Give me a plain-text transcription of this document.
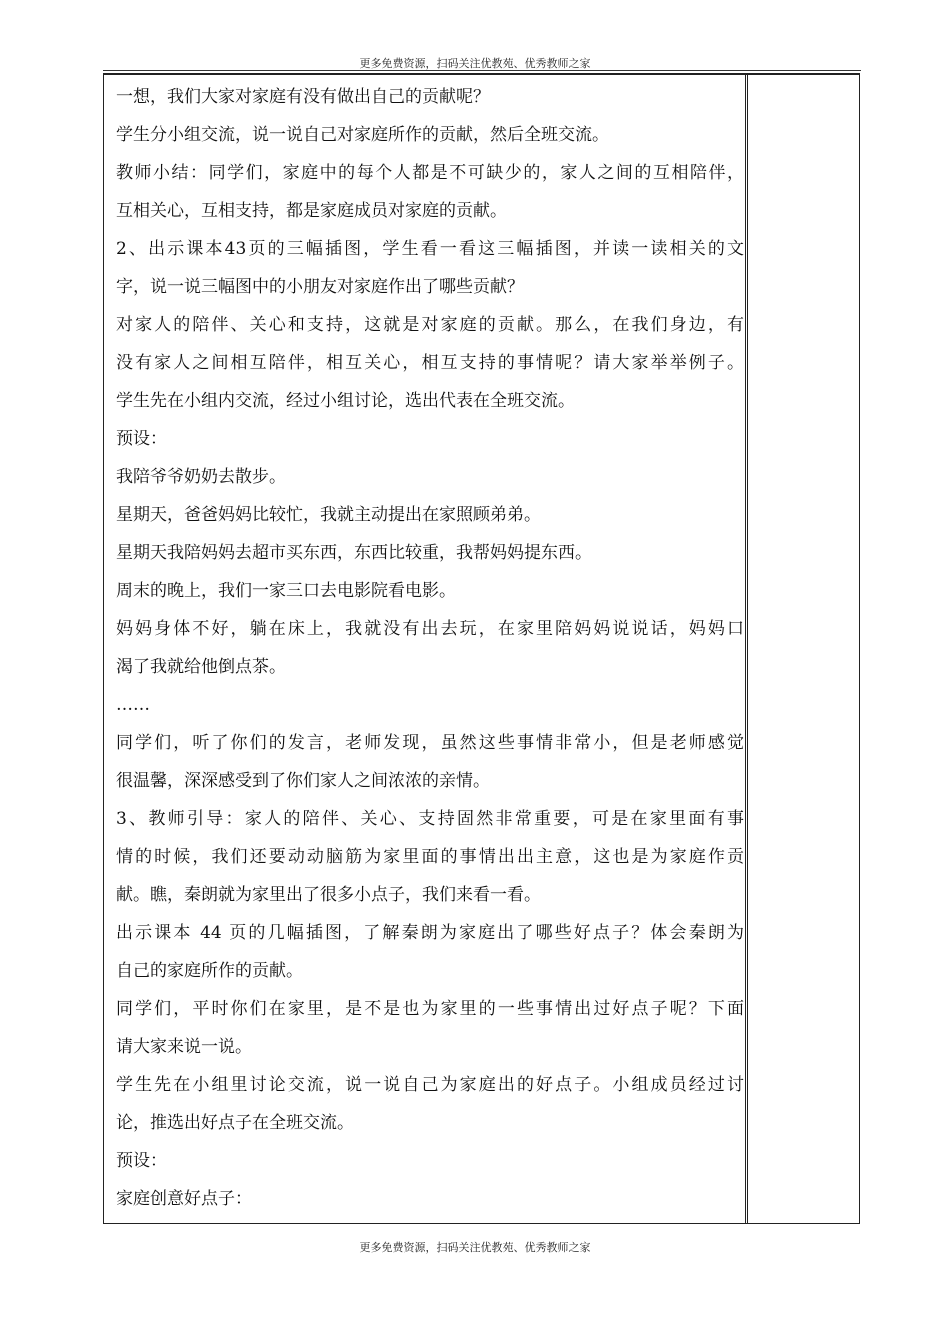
更多免费资源，扫码关注优教苑、优秀教师之家
一想，我们大家对家庭有没有做出自己的贡献呢？
学生分小组交流，说一说自己对家庭所作的贡献，然后全班交流。
教师小结：同学们，家庭中的每个人都是不可缺少的，家人之间的互相陪伴，
互相关心，互相支持，都是家庭成员对家庭的贡献。
2、出示课本43页的三幅插图，学生看一看这三幅插图，并读一读相关的文
字，说一说三幅图中的小朋友对家庭作出了哪些贡献？
对家人的陪伴、关心和支持，这就是对家庭的贡献。那么，在我们身边，有
没有家人之间相互陪伴，相互关心，相互支持的事情呢？请大家举举例子。
学生先在小组内交流，经过小组讨论，选出代表在全班交流。
预设：
我陪爷爷奶奶去散步。
星期天，爸爸妈妈比较忙，我就主动提出在家照顾弟弟。
星期天我陪妈妈去超市买东西，东西比较重，我帮妈妈提东西。
周末的晚上，我们一家三口去电影院看电影。
妈妈身体不好，躺在床上，我就没有出去玩，在家里陪妈妈说说话，妈妈口
渴了我就给他倒点茶。
……
同学们，听了你们的发言，老师发现，虽然这些事情非常小，但是老师感觉
很温馨，深深感受到了你们家人之间浓浓的亲情。
3、教师引导：家人的陪伴、关心、支持固然非常重要，可是在家里面有事
情的时候，我们还要动动脑筋为家里面的事情出出主意，这也是为家庭作贡
献。瞧，秦朗就为家里出了很多小点子，我们来看一看。
出示课本 44 页的几幅插图，了解秦朗为家庭出了哪些好点子？体会秦朗为
自己的家庭所作的贡献。
同学们，平时你们在家里，是不是也为家里的一些事情出过好点子呢？下面
请大家来说一说。
学生先在小组里讨论交流，说一说自己为家庭出的好点子。小组成员经过讨
论，推选出好点子在全班交流。
预设：
家庭创意好点子：
更多免费资源，扫码关注优教苑、优秀教师之家
